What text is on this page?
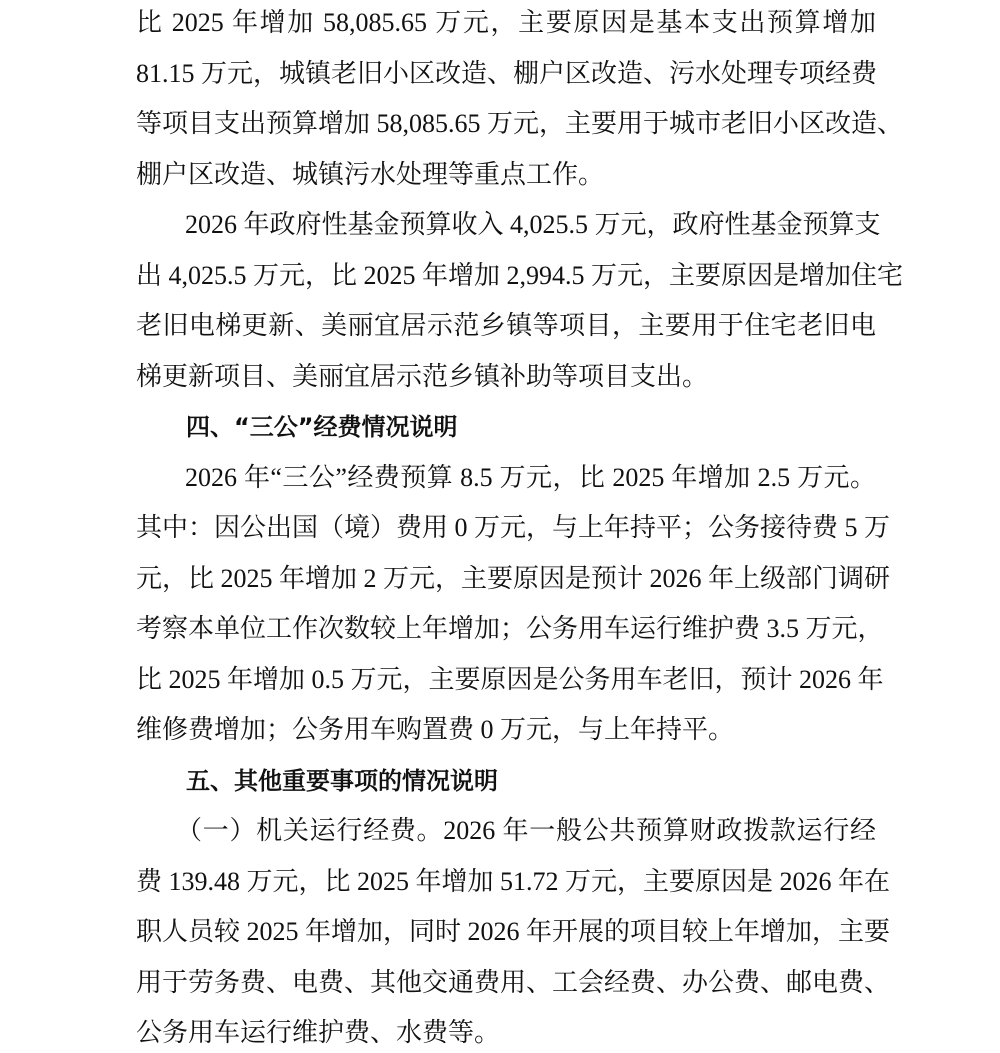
比 2025 年增加 58,085.65 万元，主要原因是基本支出预算增加
81.15 万元，城镇老旧小区改造、棚户区改造、污水处理专项经费
等项目支出预算增加 58,085.65 万元，主要用于城市老旧小区改造、
棚户区改造、城镇污水处理等重点工作。
2026 年政府性基金预算收入 4,025.5 万元，政府性基金预算支
出 4,025.5 万元，比 2025 年增加 2,994.5 万元，主要原因是增加住宅
老旧电梯更新、美丽宜居示范乡镇等项目，主要用于住宅老旧电
梯更新项目、美丽宜居示范乡镇补助等项目支出。
四、“三公”经费情况说明
2026 年“三公”经费预算 8.5 万元，比 2025 年增加 2.5 万元。
其中：因公出国（境）费用 0 万元，与上年持平；公务接待费 5 万
元，比 2025 年增加 2 万元，主要原因是预计 2026 年上级部门调研
考察本单位工作次数较上年增加；公务用车运行维护费 3.5 万元，
比 2025 年增加 0.5 万元，主要原因是公务用车老旧，预计 2026 年
维修费增加；公务用车购置费 0 万元，与上年持平。
五、其他重要事项的情况说明
（一）机关运行经费。2026 年一般公共预算财政拨款运行经
费 139.48 万元，比 2025 年增加 51.72 万元，主要原因是 2026 年在
职人员较 2025 年增加，同时 2026 年开展的项目较上年增加，主要
用于劳务费、电费、其他交通费用、工会经费、办公费、邮电费、
公务用车运行维护费、水费等。
